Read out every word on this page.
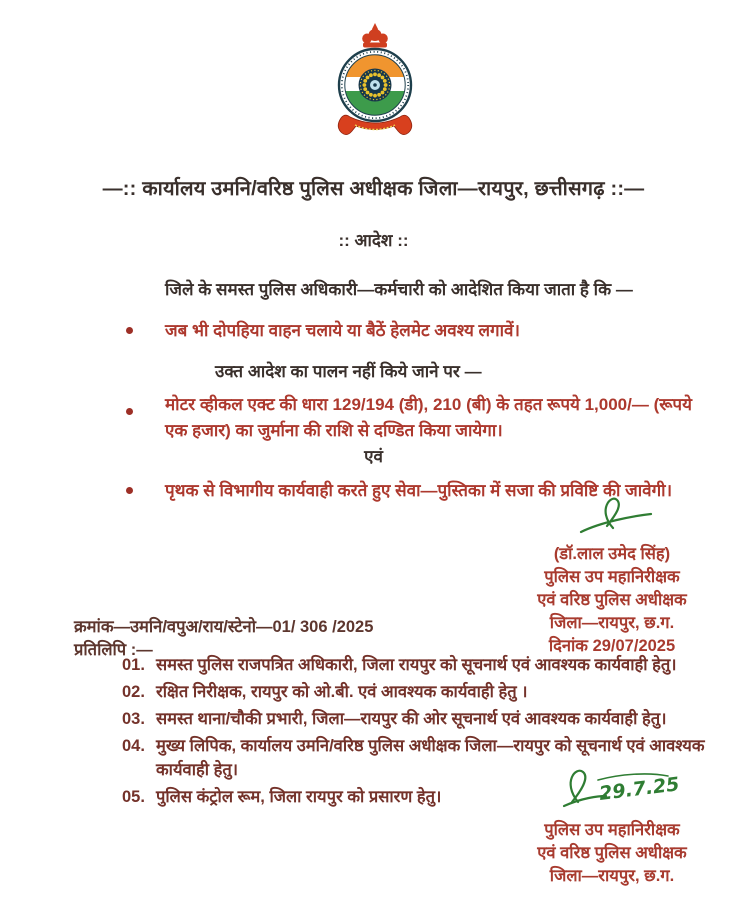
—:: कार्यालय उमनि/वरिष्ठ पुलिस अधीक्षक जिला—रायपुर, छत्तीसगढ़ ::—
:: आदेश ::
जिले के समस्त पुलिस अधिकारी—कर्मचारी को आदेशित किया जाता है कि —
जब भी दोपहिया वाहन चलाये या बैठें हेलमेट अवश्य लगावें।
उक्त आदेश का पालन नहीं किये जाने पर —
मोटर व्हीकल एक्ट की धारा 129/194 (डी), 210 (बी) के तहत रूपये 1,000/— (रूपये एक हजार) का जुर्माना की राशि से दण्डित किया जायेगा।
एवं
पृथक से विभागीय कार्यवाही करते हुए सेवा—पुस्तिका में सजा की प्रविष्टि की जावेगी।
(डॉ.लाल उमेद सिंह)
पुलिस उप महानिरीक्षक
एवं वरिष्ठ पुलिस अधीक्षक
जिला—रायपुर, छ.ग.
दिनांक 29/07/2025
क्रमांक—उमनि/वपुअ/राय/स्टेनो—01/ 306 /2025
प्रतिलिपि :—
01. समस्त पुलिस राजपत्रित अधिकारी, जिला रायपुर को सूचनार्थ एवं आवश्यक कार्यवाही हेतु।
02. रक्षित निरीक्षक, रायपुर को ओ.बी. एवं आवश्यक कार्यवाही हेतु ।
03. समस्त थाना/चौकी प्रभारी, जिला—रायपुर की ओर सूचनार्थ एवं आवश्यक कार्यवाही हेतु।
04. मुख्य लिपिक, कार्यालय उमनि/वरिष्ठ पुलिस अधीक्षक जिला—रायपुर को सूचनार्थ एवं आवश्यक कार्यवाही हेतु।
05. पुलिस कंट्रोल रूम, जिला रायपुर को प्रसारण हेतु।	29.7.25
पुलिस उप महानिरीक्षक
एवं वरिष्ठ पुलिस अधीक्षक
जिला—रायपुर, छ.ग.
